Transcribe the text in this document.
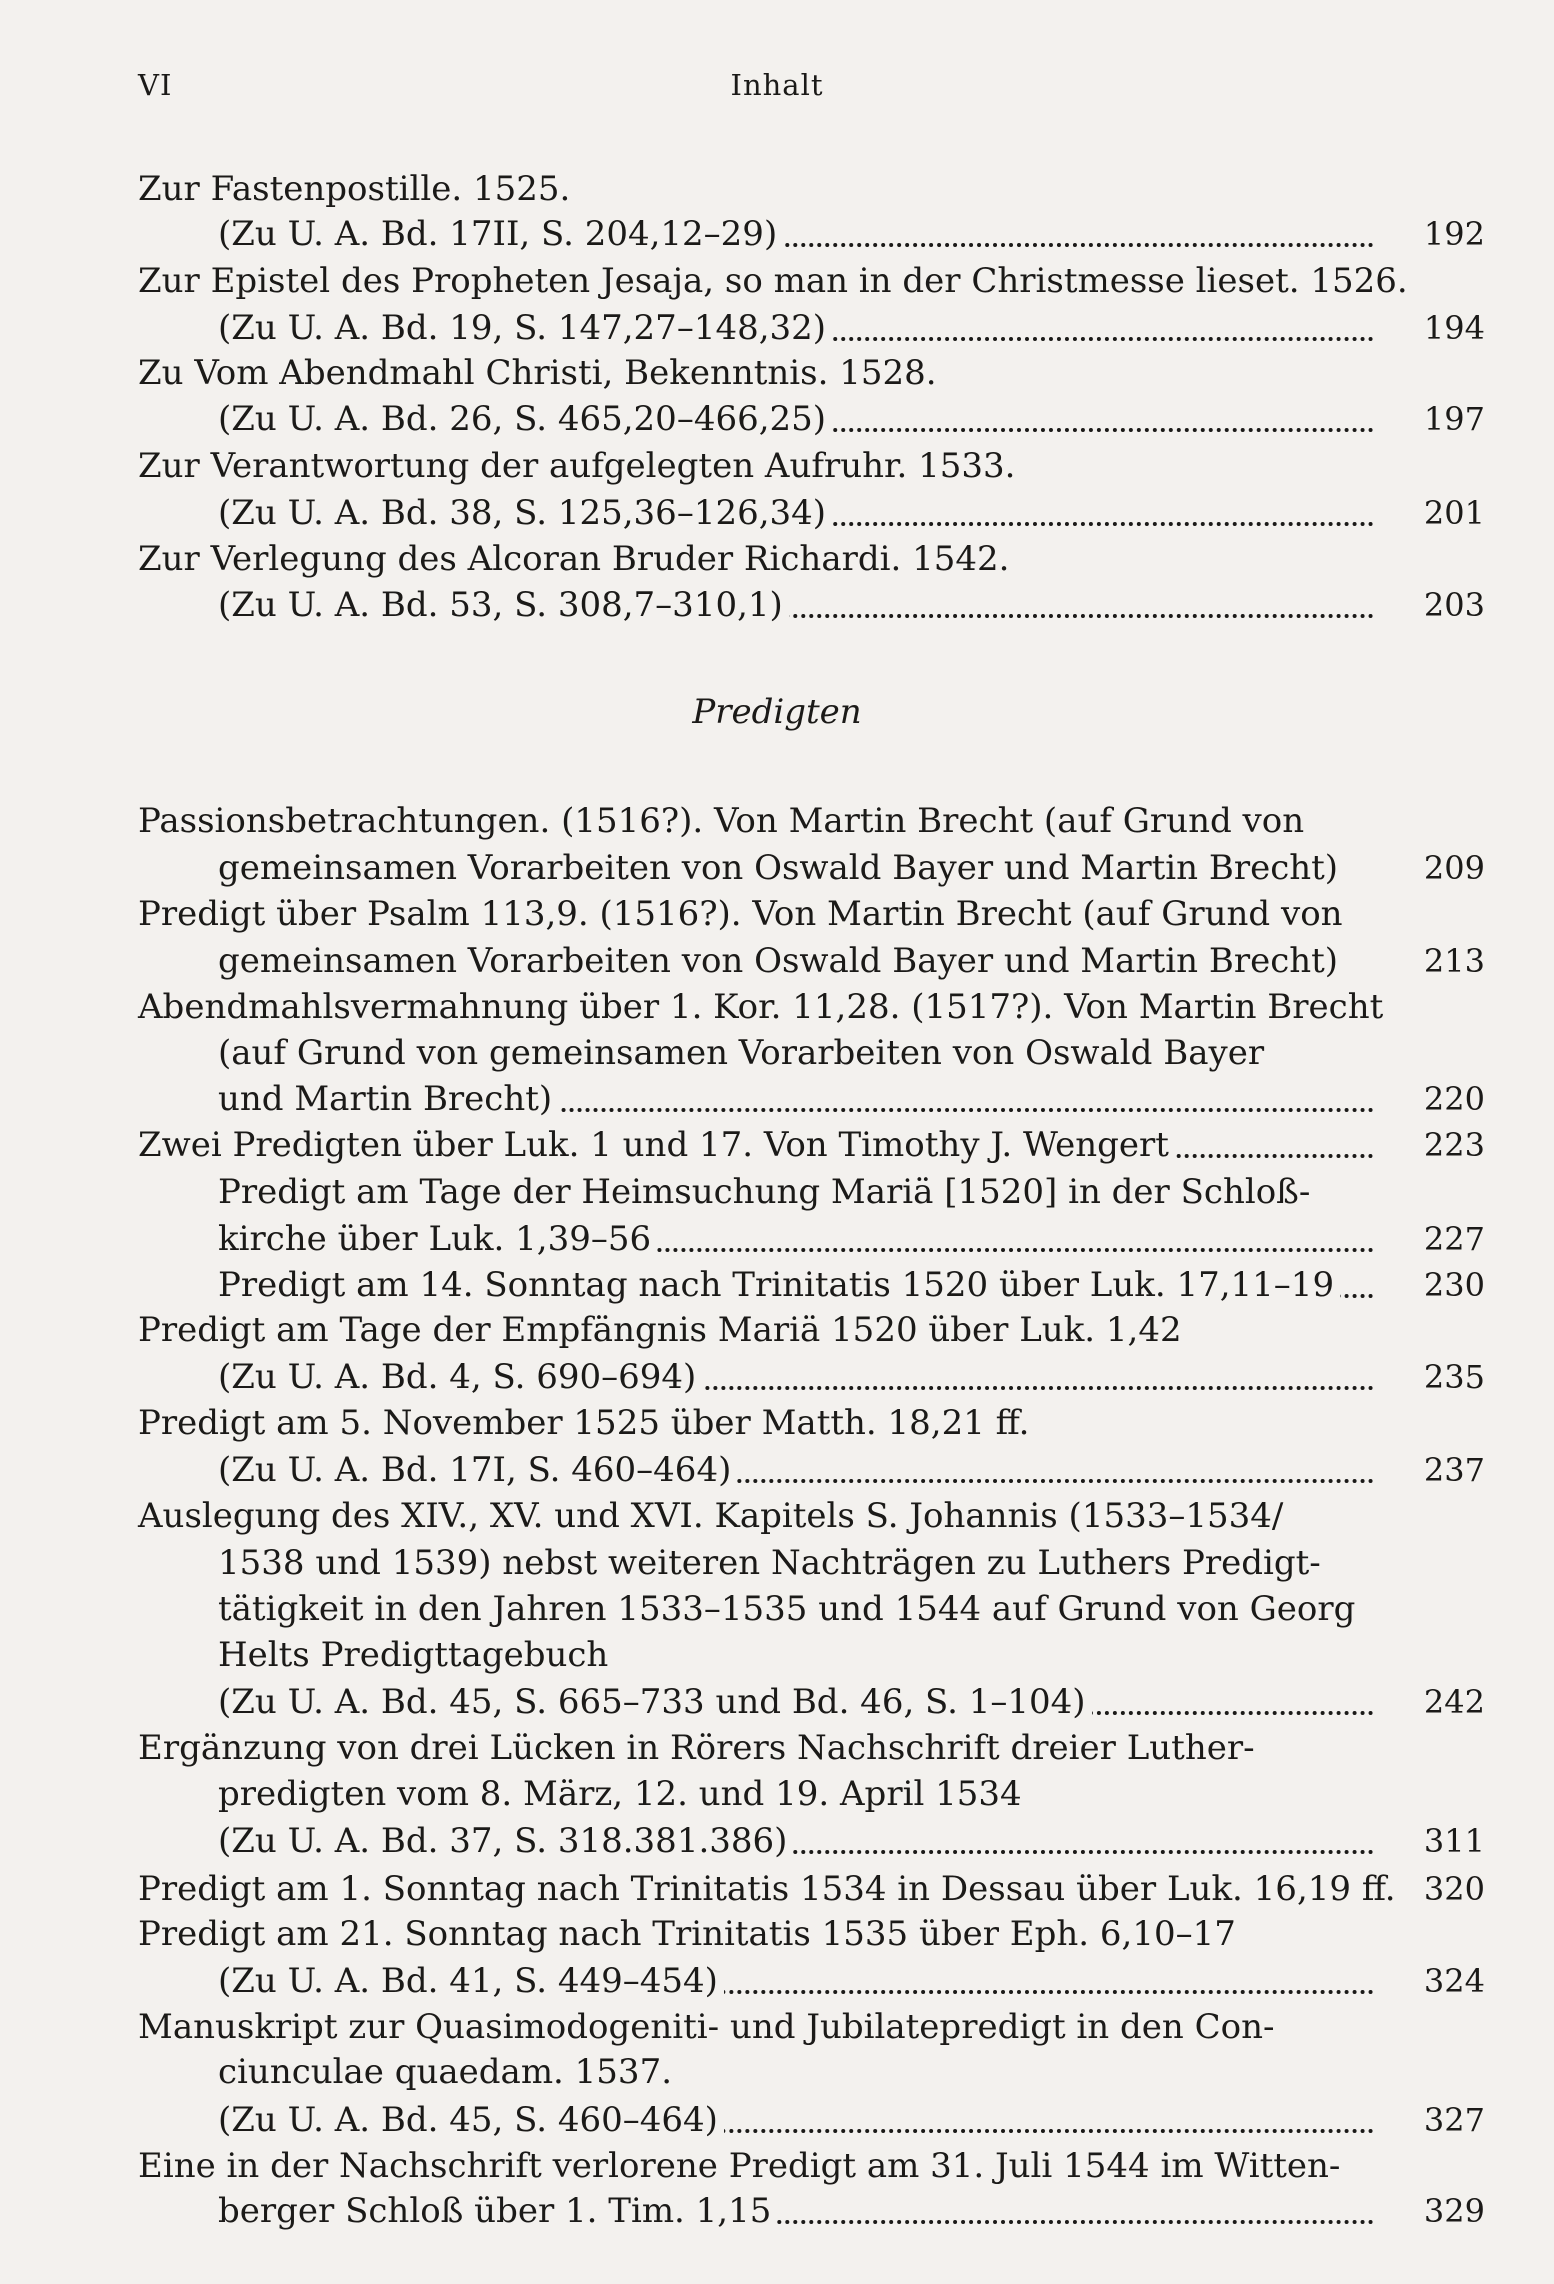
VI	Inhalt
Predigten
Zur Fastenpostille. 1525.
(Zu U. A. Bd. 17II, S. 204,12–29)	192
Zur Epistel des Propheten Jesaja, so man in der Christmesse lieset. 1526.
(Zu U. A. Bd. 19, S. 147,27–148,32)	194
Zu Vom Abendmahl Christi, Bekenntnis. 1528.
(Zu U. A. Bd. 26, S. 465,20–466,25)	197
Zur Verantwortung der aufgelegten Aufruhr. 1533.
(Zu U. A. Bd. 38, S. 125,36–126,34)	201
Zur Verlegung des Alcoran Bruder Richardi. 1542.
(Zu U. A. Bd. 53, S. 308,7–310,1)	203
Passionsbetrachtungen. (1516?). Von Martin Brecht (auf Grund von
gemeinsamen Vorarbeiten von Oswald Bayer und Martin Brecht)	209
Predigt über Psalm 113,9. (1516?). Von Martin Brecht (auf Grund von
gemeinsamen Vorarbeiten von Oswald Bayer und Martin Brecht)	213
Abendmahlsvermahnung über 1. Kor. 11,28. (1517?). Von Martin Brecht
(auf Grund von gemeinsamen Vorarbeiten von Oswald Bayer
und Martin Brecht)	220
Zwei Predigten über Luk. 1 und 17. Von Timothy J. Wengert	223
Predigt am Tage der Heimsuchung Mariä [1520] in der Schloß-
kirche über Luk. 1,39–56	227
Predigt am 14. Sonntag nach Trinitatis 1520 über Luk. 17,11–19	230
Predigt am Tage der Empfängnis Mariä 1520 über Luk. 1,42
(Zu U. A. Bd. 4, S. 690–694)	235
Predigt am 5. November 1525 über Matth. 18,21 ff.
(Zu U. A. Bd. 17I, S. 460–464)	237
Auslegung des XIV., XV. und XVI. Kapitels S. Johannis (1533–1534/
1538 und 1539) nebst weiteren Nachträgen zu Luthers Predigt-
tätigkeit in den Jahren 1533–1535 und 1544 auf Grund von Georg
Helts Predigttagebuch
(Zu U. A. Bd. 45, S. 665–733 und Bd. 46, S. 1–104)	242
Ergänzung von drei Lücken in Rörers Nachschrift dreier Luther-
predigten vom 8. März, 12. und 19. April 1534
(Zu U. A. Bd. 37, S. 318.381.386)	311
Predigt am 1. Sonntag nach Trinitatis 1534 in Dessau über Luk. 16,19 ff. 320
Predigt am 21. Sonntag nach Trinitatis 1535 über Eph. 6,10–17
(Zu U. A. Bd. 41, S. 449–454)	324
Manuskript zur Quasimodogeniti- und Jubilatepredigt in den Con-
ciunculae quaedam. 1537.
(Zu U. A. Bd. 45, S. 460–464)	327
Eine in der Nachschrift verlorene Predigt am 31. Juli 1544 im Witten-
berger Schloß über 1. Tim. 1,15	329
